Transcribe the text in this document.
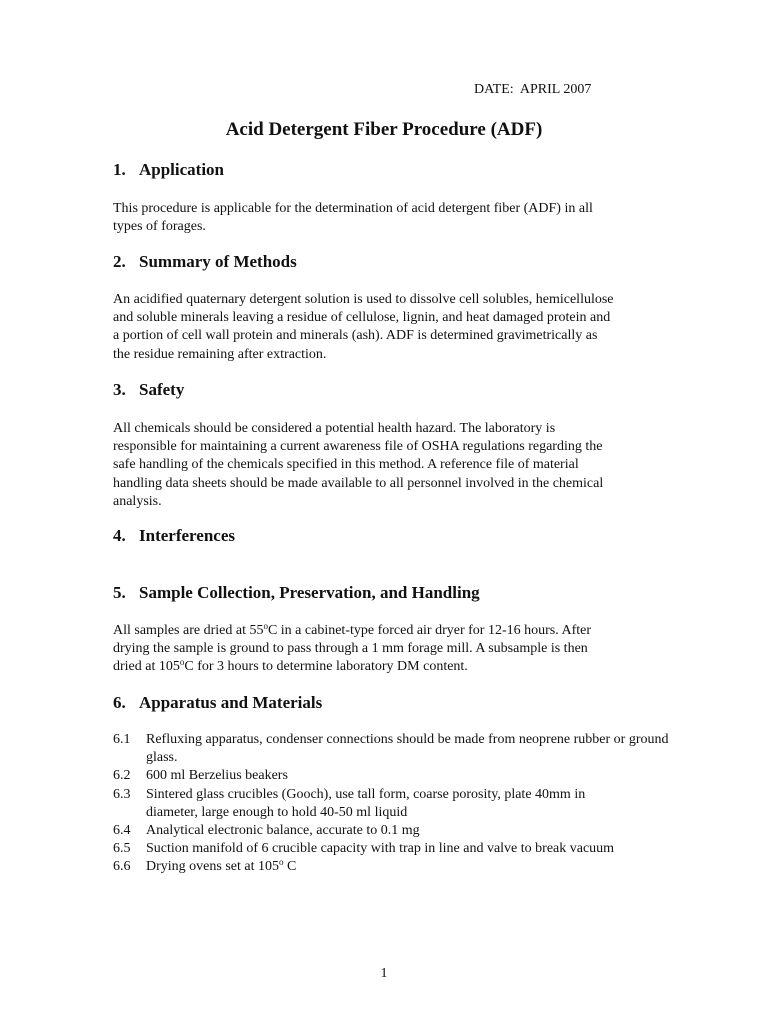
DATE:  APRIL 2007
Acid Detergent Fiber Procedure (ADF)
1. Application
This procedure is applicable for the determination of acid detergent fiber (ADF) in all
types of forages.
2. Summary of Methods
An acidified quaternary detergent solution is used to dissolve cell solubles, hemicellulose
and soluble minerals leaving a residue of cellulose, lignin, and heat damaged protein and
a portion of cell wall protein and minerals (ash). ADF is determined gravimetrically as
the residue remaining after extraction.
3. Safety
All chemicals should be considered a potential health hazard. The laboratory is
responsible for maintaining a current awareness file of OSHA regulations regarding the
safe handling of the chemicals specified in this method. A reference file of material
handling data sheets should be made available to all personnel involved in the chemical
analysis.
4. Interferences
5. Sample Collection, Preservation, and Handling
All samples are dried at 55$^o$C in a cabinet-type forced air dryer for 12-16 hours. After
drying the sample is ground to pass through a 1 mm forage mill. A subsample is then
dried at 105$^o$C for 3 hours to determine laboratory DM content.
6. Apparatus and Materials
6.1	Refluxing apparatus, condenser connections should be made from neoprene rubber or ground glass.
6.2	600 ml Berzelius beakers
6.3	Sintered glass crucibles (Gooch), use tall form, coarse porosity, plate 40mm in diameter, large enough to hold 40-50 ml liquid
6.4	Analytical electronic balance, accurate to 0.1 mg
6.5	Suction manifold of 6 crucible capacity with trap in line and valve to break vacuum
6.6	Drying ovens set at 105$^o$ C
1
